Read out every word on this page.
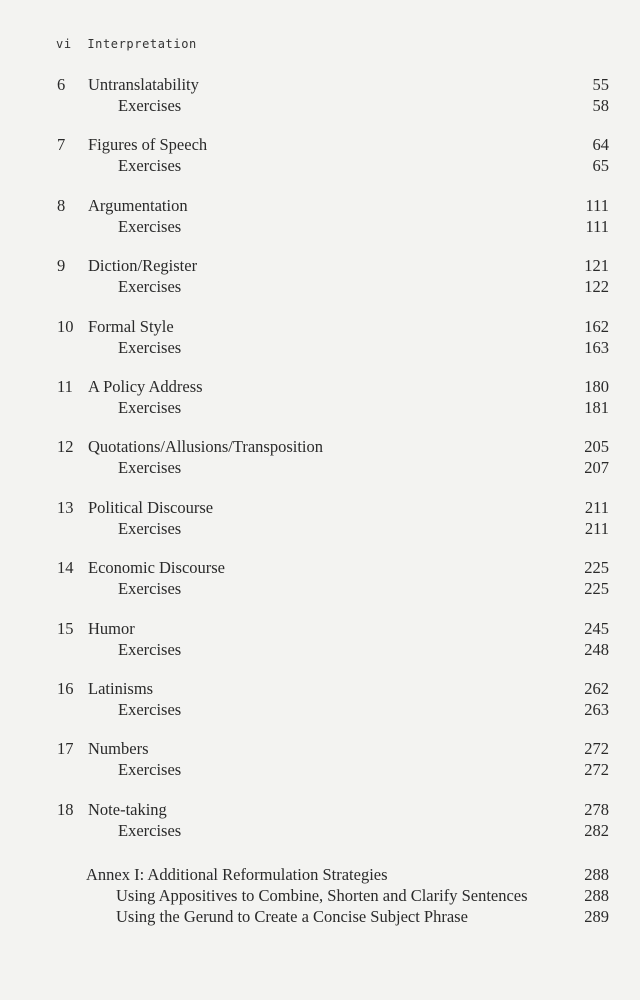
vi Interpretation
6 Untranslatability	55
Exercises	58
7 Figures of Speech	64
Exercises	65
8 Argumentation	111
Exercises	111
9 Diction/Register	121
Exercises	122
10 Formal Style	162
Exercises	163
11 A Policy Address	180
Exercises	181
12 Quotations/Allusions/Transposition	205
Exercises	207
13 Political Discourse	211
Exercises	211
14 Economic Discourse	225
Exercises	225
15 Humor	245
Exercises	248
16 Latinisms	262
Exercises	263
17 Numbers	272
Exercises	272
18 Note-taking	278
Exercises	282
Annex I: Additional Reformulation Strategies	288
Using Appositives to Combine, Shorten and Clarify Sentences	288
Using the Gerund to Create a Concise Subject Phrase	289
